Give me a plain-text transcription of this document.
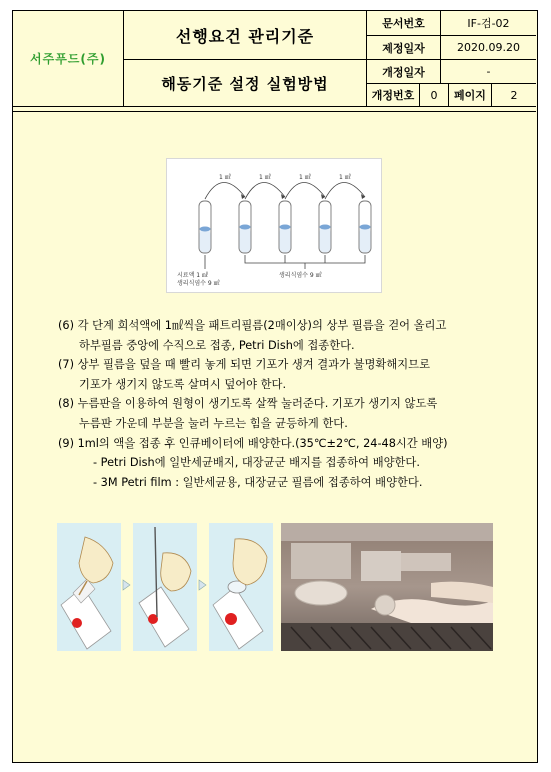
서주푸드(주)
선행요건 관리기준
해동기준 설정 실험방법
문서번호	IF-검-02
제정일자	2020.09.20
개정일자	-
개정번호	0	페이지	2
1 ㎖	1 ㎖	1 ㎖	1 ㎖
시료액 1 ㎖
생리식염수 9 ㎖
생리식염수 9 ㎖
(6) 각 단계 희석액에 1㎖씩을 패트리필름(2매이상)의 상부 필름을 걷어 올리고
하부필름 중앙에 수직으로 접종, Petri Dish에 접종한다.
(7) 상부 필름을 덮을 때 빨리 놓게 되면 기포가 생겨 결과가 불명확해지므로
기포가 생기지 않도록 살며시 덮어야 한다.
(8) 누름판을 이용하여 원형이 생기도록 살짝 눌러준다. 기포가 생기지 않도록
누름판 가운데 부분을 눌러 누르는 힘을 균등하게 한다.
(9) 1ml의 액을 접종 후 인큐베이터에 배양한다.(35℃±2℃, 24-48시간 배양)
- Petri Dish에 일반세균배지, 대장균군 배지를 접종하여 배양한다.
- 3M Petri film : 일반세균용, 대장균군 필름에 접종하여 배양한다.
